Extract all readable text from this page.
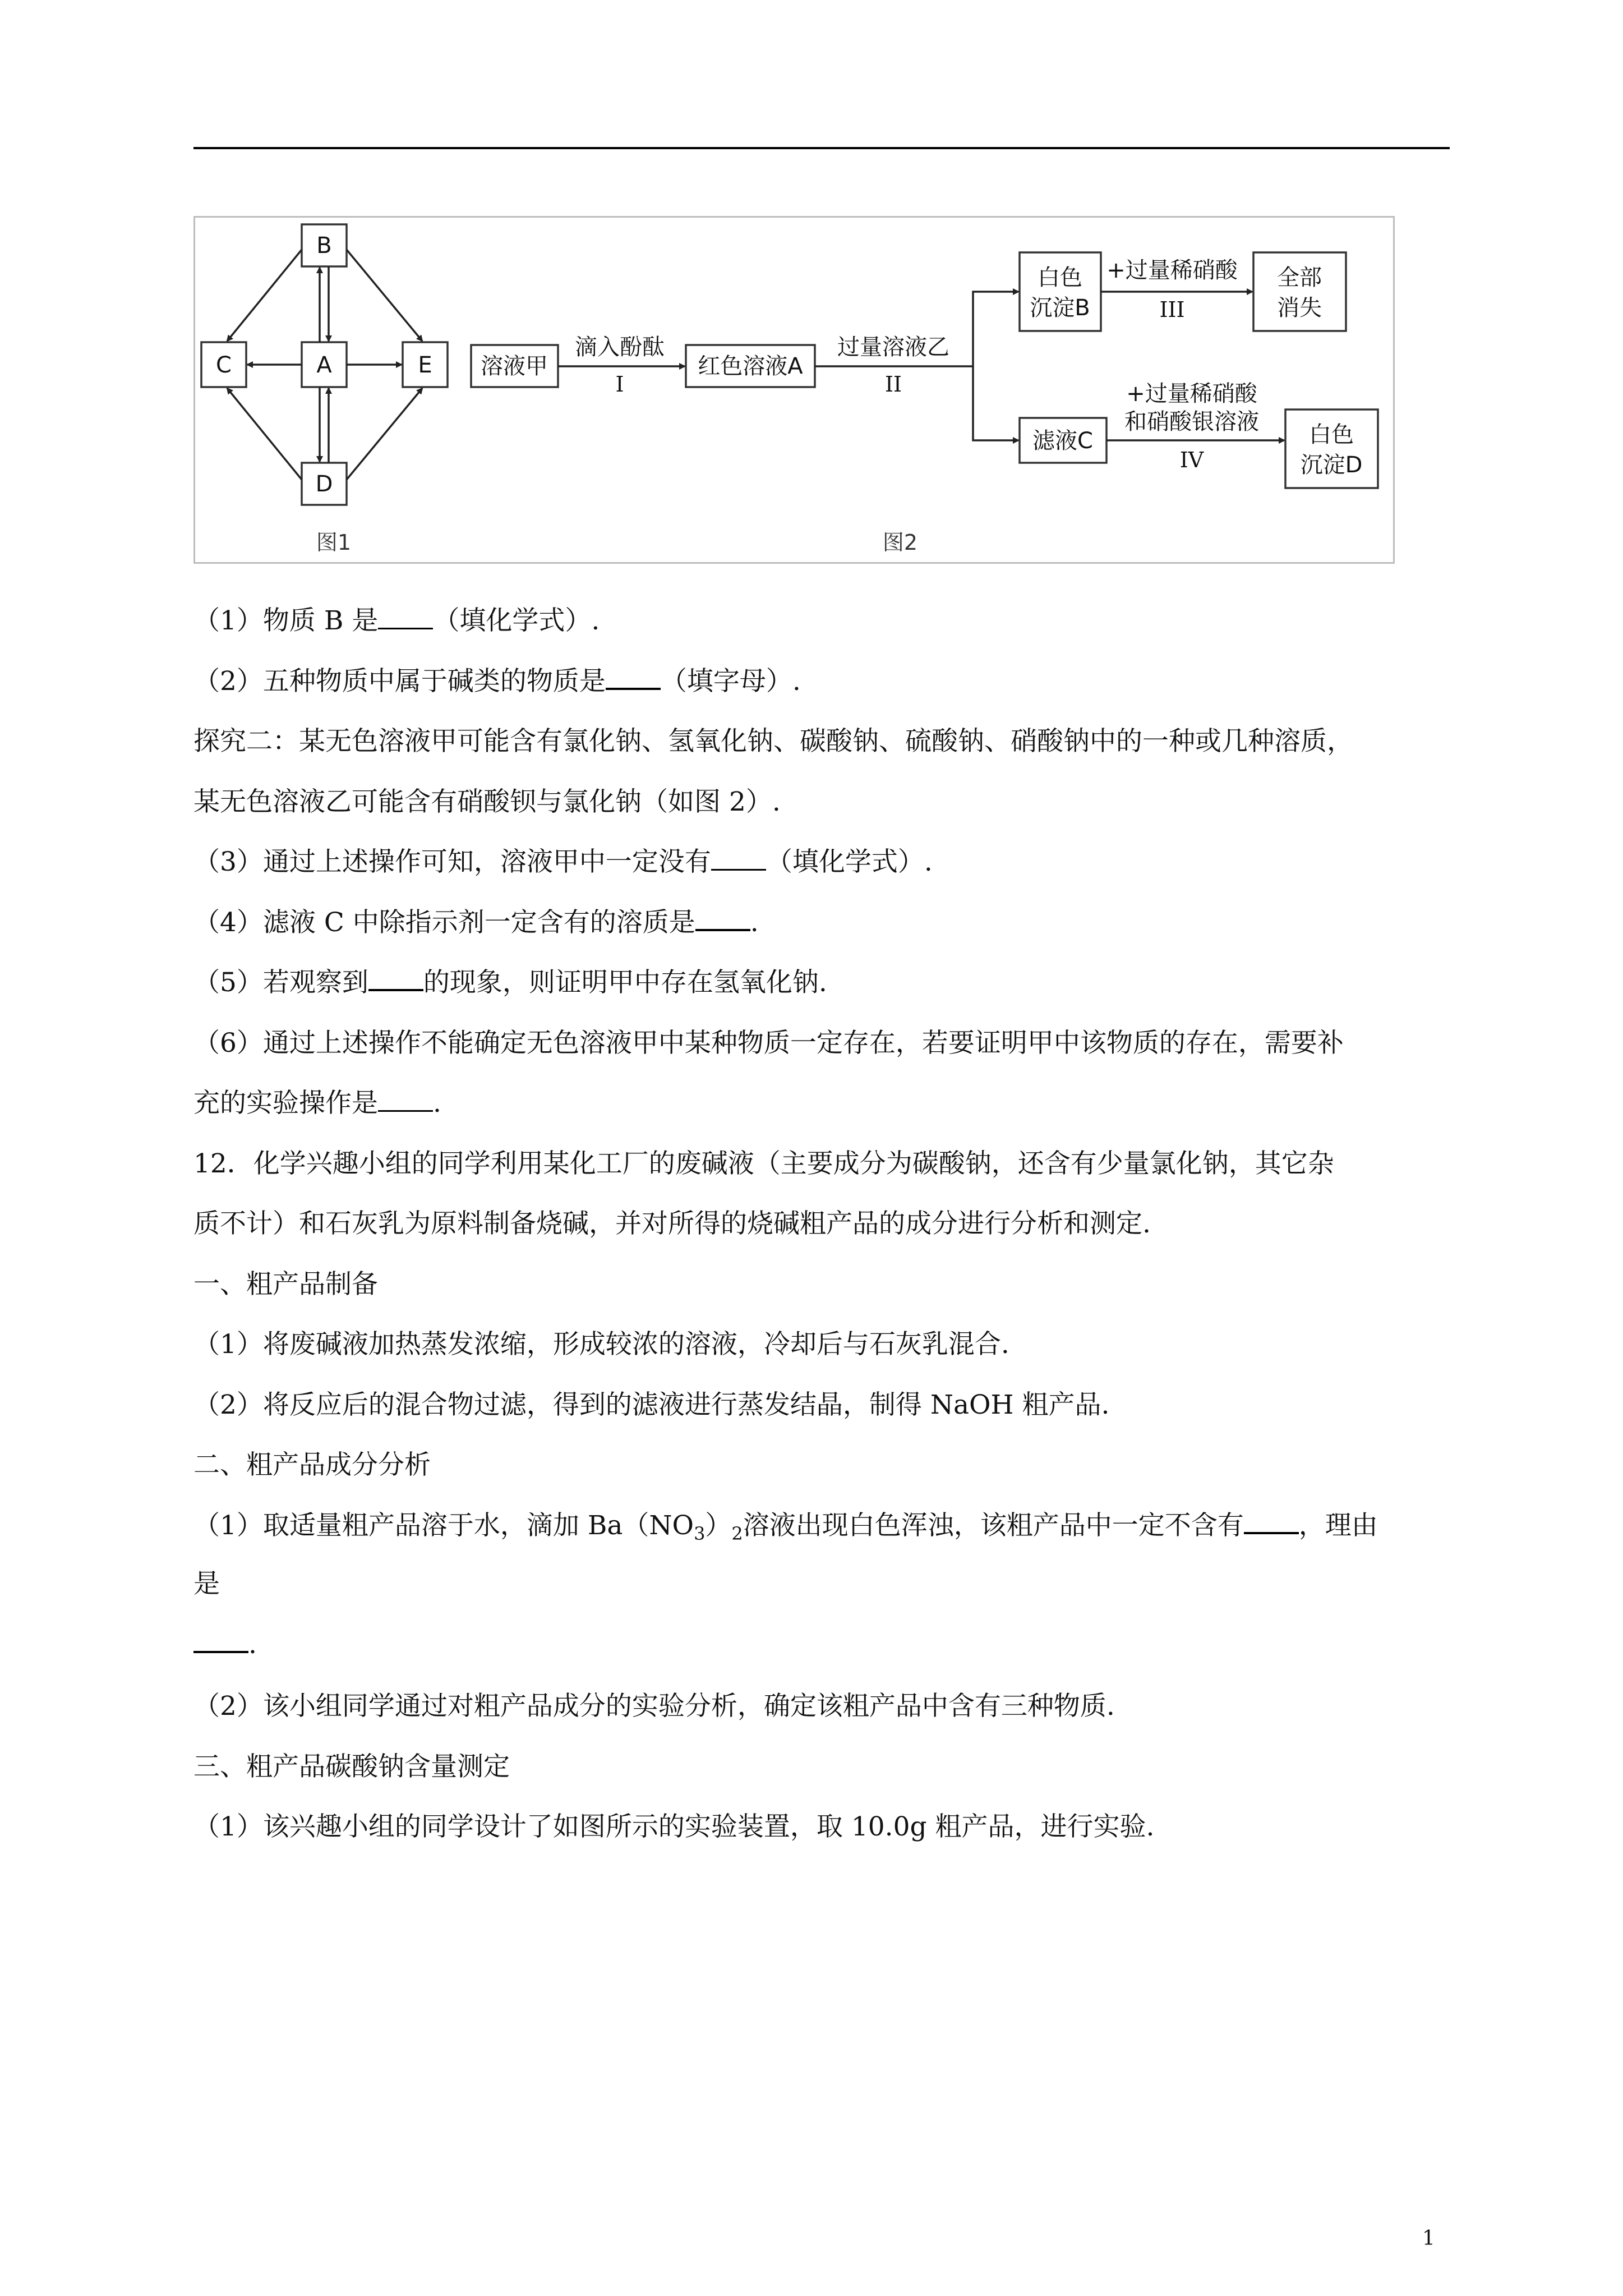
B
C	A	E
D
图1
溶液甲
滴入酚酞
I
红色溶液A
过量溶液乙
II
白色
沉淀B
+过量稀硝酸
III
全部
消失
滤液C
+过量稀硝酸
和硝酸银溶液
IV
白色
沉淀D
图2

（1）物质 B 是 （填化学式）.

（2）五种物质中属于碱类的物质是 （填字母）.

探究二：某无色溶液甲可能含有氯化钠、氢氧化钠、碳酸钠、硫酸钠、硝酸钠中的一种或几种溶质，

某无色溶液乙可能含有硝酸钡与氯化钠（如图 2）.

（3）通过上述操作可知，溶液甲中一定没有 （填化学式）.

（4）滤液 C 中除指示剂一定含有的溶质是 .

（5）若观察到 的现象，则证明甲中存在氢氧化钠.

（6）通过上述操作不能确定无色溶液甲中某种物质一定存在，若要证明甲中该物质的存在，需要补

充的实验操作是 .

12．化学兴趣小组的同学利用某化工厂的废碱液（主要成分为碳酸钠，还含有少量氯化钠，其它杂

质不计）和石灰乳为原料制备烧碱，并对所得的烧碱粗产品的成分进行分析和测定.

一、粗产品制备

（1）将废碱液加热蒸发浓缩，形成较浓的溶液，冷却后与石灰乳混合.

（2）将反应后的混合物过滤，得到的滤液进行蒸发结晶，制得 NaOH 粗产品.

二、粗产品成分分析

（1）取适量粗产品溶于水，滴加 $Ba(NO_3)_2$溶液出现白色浑浊，该粗产品中一定不含有 ，理由

是

.

（2）该小组同学通过对粗产品成分的实验分析，确定该粗产品中含有三种物质.

三、粗产品碳酸钠含量测定

（1）该兴趣小组的同学设计了如图所示的实验装置，取 10.0g 粗产品，进行实验.

1
